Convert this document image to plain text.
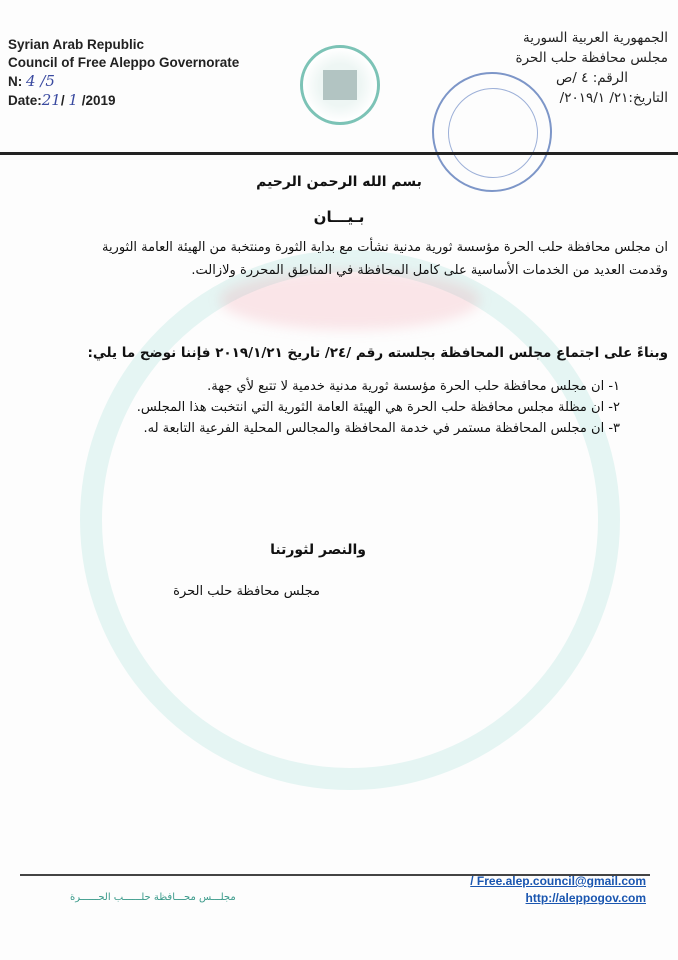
Syrian Arab Republic
Council of Free Aleppo Governorate
N: 4 /5
Date:21/ 1 /2019
الجمهورية العربية السورية
مجلس محافظة حلب الحرة
الرقم: ٤ /ص
التاريخ:٢١/ ٢٠١٩/١/
بسم الله الرحمن الرحيم
بـيـــان
ان مجلس محافظة حلب الحرة مؤسسة ثورية مدنية نشأت مع بداية الثورة ومنتخبة من الهيئة العامة الثورية وقدمت العديد من الخدمات الأساسية على كامل المحافظة في المناطق المحررة ولازالت.
وبناءً على اجتماع مجلس المحافظة بجلسته رقم /٢٤/ تاريخ ٢٠١٩/١/٢١ فإننا نوضح ما يلي:
١- ان مجلس محافظة حلب الحرة مؤسسة ثورية مدنية خدمية لا تتبع لأي جهة.
٢- ان مظلة مجلس محافظة حلب الحرة هي الهيئة العامة الثورية التي انتخبت هذا المجلس.
٣- ان مجلس المحافظة مستمر في خدمة المحافظة والمجالس المحلية الفرعية التابعة له.
والنصر لثورتنا
مجلس محافظة حلب الحرة
/ Free.alep.council@gmail.com
http://aleppogov.com
مجلـــس محـــافظة حلــــــب الحــــــرة
